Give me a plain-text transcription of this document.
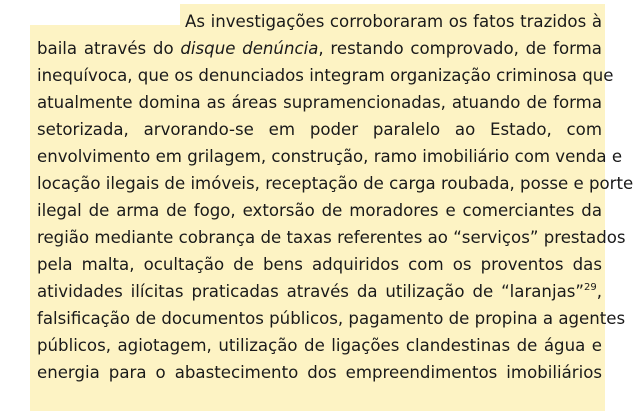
As investigações corroboraram os fatos trazidos à
baila através do disque denúncia, restando comprovado, de forma
inequívoca, que os denunciados integram organização criminosa que
atualmente domina as áreas supramencionadas, atuando de forma
setorizada, arvorando-se em poder paralelo ao Estado, com
envolvimento em grilagem, construção, ramo imobiliário com venda e
locação ilegais de imóveis, receptação de carga roubada, posse e porte
ilegal de arma de fogo, extorsão de moradores e comerciantes da
região mediante cobrança de taxas referentes ao “serviços” prestados
pela malta, ocultação de bens adquiridos com os proventos das
atividades ilícitas praticadas através da utilização de “laranjas”$^{29}$,
falsificação de documentos públicos, pagamento de propina a agentes
públicos, agiotagem, utilização de ligações clandestinas de água e
energia para o abastecimento dos empreendimentos imobiliários
